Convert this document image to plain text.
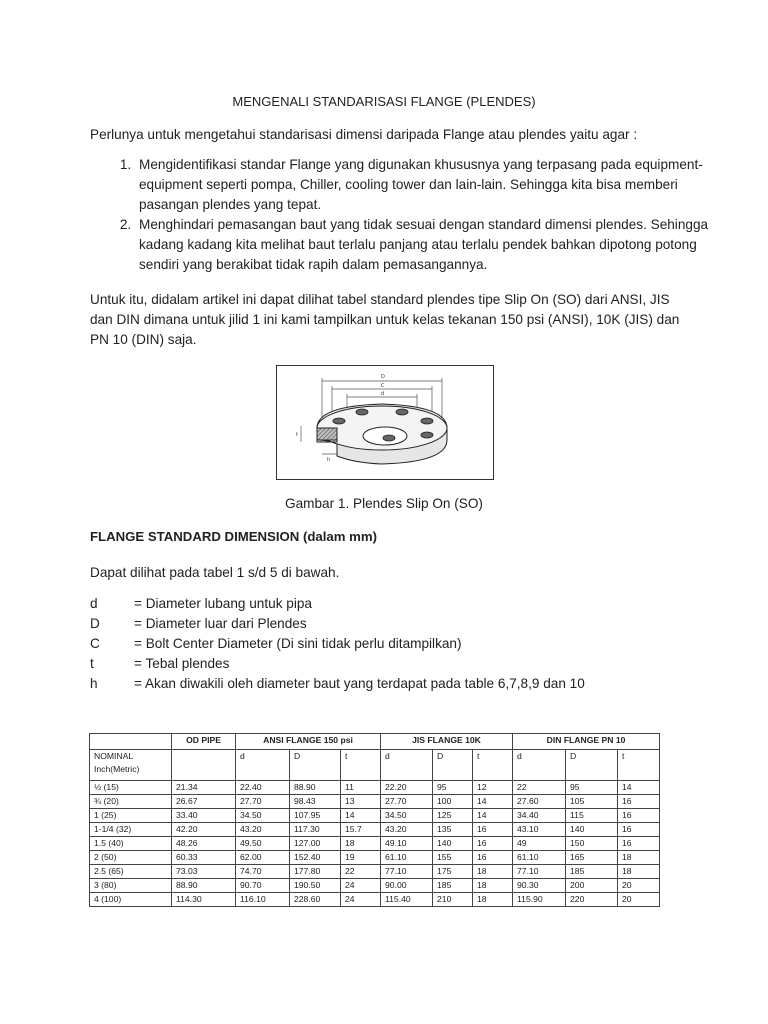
MENGENALI STANDARISASI FLANGE (PLENDES)
Perlunya untuk mengetahui standarisasi dimensi daripada Flange atau plendes yaitu agar :
1. Mengidentifikasi standar Flange yang digunakan khususnya yang terpasang pada equipment-equipment seperti pompa, Chiller, cooling tower dan lain-lain. Sehingga kita bisa memberi pasangan plendes yang tepat.
2. Menghindari pemasangan baut yang tidak sesuai dengan standard dimensi plendes. Sehingga kadang kadang kita melihat baut terlalu panjang atau terlalu pendek bahkan dipotong potong sendiri yang berakibat tidak rapih dalam pemasangannya.
Untuk itu, didalam artikel ini dapat dilihat tabel standard plendes tipe Slip On (SO) dari ANSI, JIS dan DIN dimana untuk jilid 1 ini kami tampilkan untuk kelas tekanan 150 psi (ANSI), 10K (JIS) dan PN 10 (DIN) saja.
D
C
d
t
h
Gambar 1. Plendes Slip On (SO)
FLANGE STANDARD DIMENSION (dalam mm)
Dapat dilihat pada tabel 1 s/d 5 di bawah.
d	= Diameter lubang untuk pipa
D	= Diameter luar dari Plendes
C	= Bolt Center Diameter (Di sini tidak perlu ditampilkan)
t	= Tebal plendes
h	= Akan diwakili oleh diameter baut yang terdapat pada table 6,7,8,9 dan 10
	OD PIPE	ANSI FLANGE 150 psi			JIS FLANGE 10K			DIN FLANGE PN 10		
NOMINAL Inch(Metric)		d	D	t	d	D	t	d	D	t
½ (15)	21.34	22.40	88.90	11	22.20	95	12	22	95	14
¾ (20)	26.67	27.70	98.43	13	27.70	100	14	27.60	105	16
1 (25)	33.40	34.50	107.95	14	34.50	125	14	34.40	115	16
1-1/4 (32)	42.20	43.20	117.30	15.7	43.20	135	16	43.10	140	16
1.5 (40)	48.26	49.50	127.00	18	49.10	140	16	49	150	16
2 (50)	60.33	62.00	152.40	19	61.10	155	16	61.10	165	18
2.5 (65)	73.03	74.70	177.80	22	77.10	175	18	77.10	185	18
3 (80)	88.90	90.70	190.50	24	90.00	185	18	90.30	200	20
4 (100)	114.30	116.10	228.60	24	115.40	210	18	115.90	220	20
